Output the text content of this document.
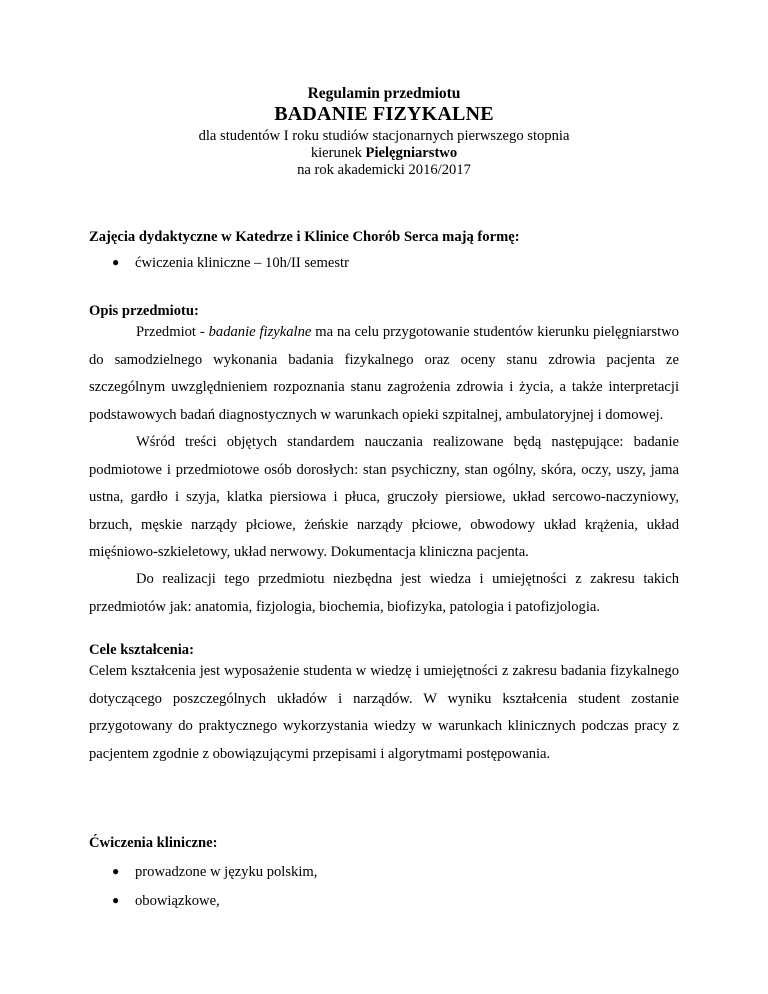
Regulamin przedmiotu
BADANIE FIZYKALNE
dla studentów I roku studiów stacjonarnych pierwszego stopnia
kierunek Pielęgniarstwo
na rok akademicki 2016/2017
Zajęcia dydaktyczne w Katedrze i Klinice Chorób Serca mają formę:
● ćwiczenia kliniczne – 10h/II semestr
Opis przedmiotu:

Przedmiot - badanie fizykalne ma na celu przygotowanie studentów kierunku pielęgniarstwo do samodzielnego wykonania badania fizykalnego oraz oceny stanu zdrowia pacjenta ze szczególnym uwzględnieniem rozpoznania stanu zagrożenia zdrowia i życia, a także interpretacji podstawowych badań diagnostycznych w warunkach opieki szpitalnej, ambulatoryjnej i domowej.

Wśród treści objętych standardem nauczania realizowane będą następujące: badanie podmiotowe i przedmiotowe osób dorosłych: stan psychiczny, stan ogólny, skóra, oczy, uszy, jama ustna, gardło i szyja, klatka piersiowa i płuca, gruczoły piersiowe, układ sercowo-naczyniowy, brzuch, męskie narządy płciowe, żeńskie narządy płciowe, obwodowy układ krążenia, układ mięśniowo-szkieletowy, układ nerwowy. Dokumentacja kliniczna pacjenta.

Do realizacji tego przedmiotu niezbędna jest wiedza i umiejętności z zakresu takich przedmiotów jak: anatomia, fizjologia, biochemia, biofizyka, patologia i patofizjologia.

Cele kształcenia:

Celem kształcenia jest wyposażenie studenta w wiedzę i umiejętności z zakresu badania fizykalnego dotyczącego poszczególnych układów i narządów. W wyniku kształcenia student zostanie przygotowany do praktycznego wykorzystania wiedzy w warunkach klinicznych podczas pracy z pacjentem zgodnie z obowiązującymi przepisami i algorytmami postępowania.

Ćwiczenia kliniczne:
● prowadzone w języku polskim,
● obowiązkowe,
